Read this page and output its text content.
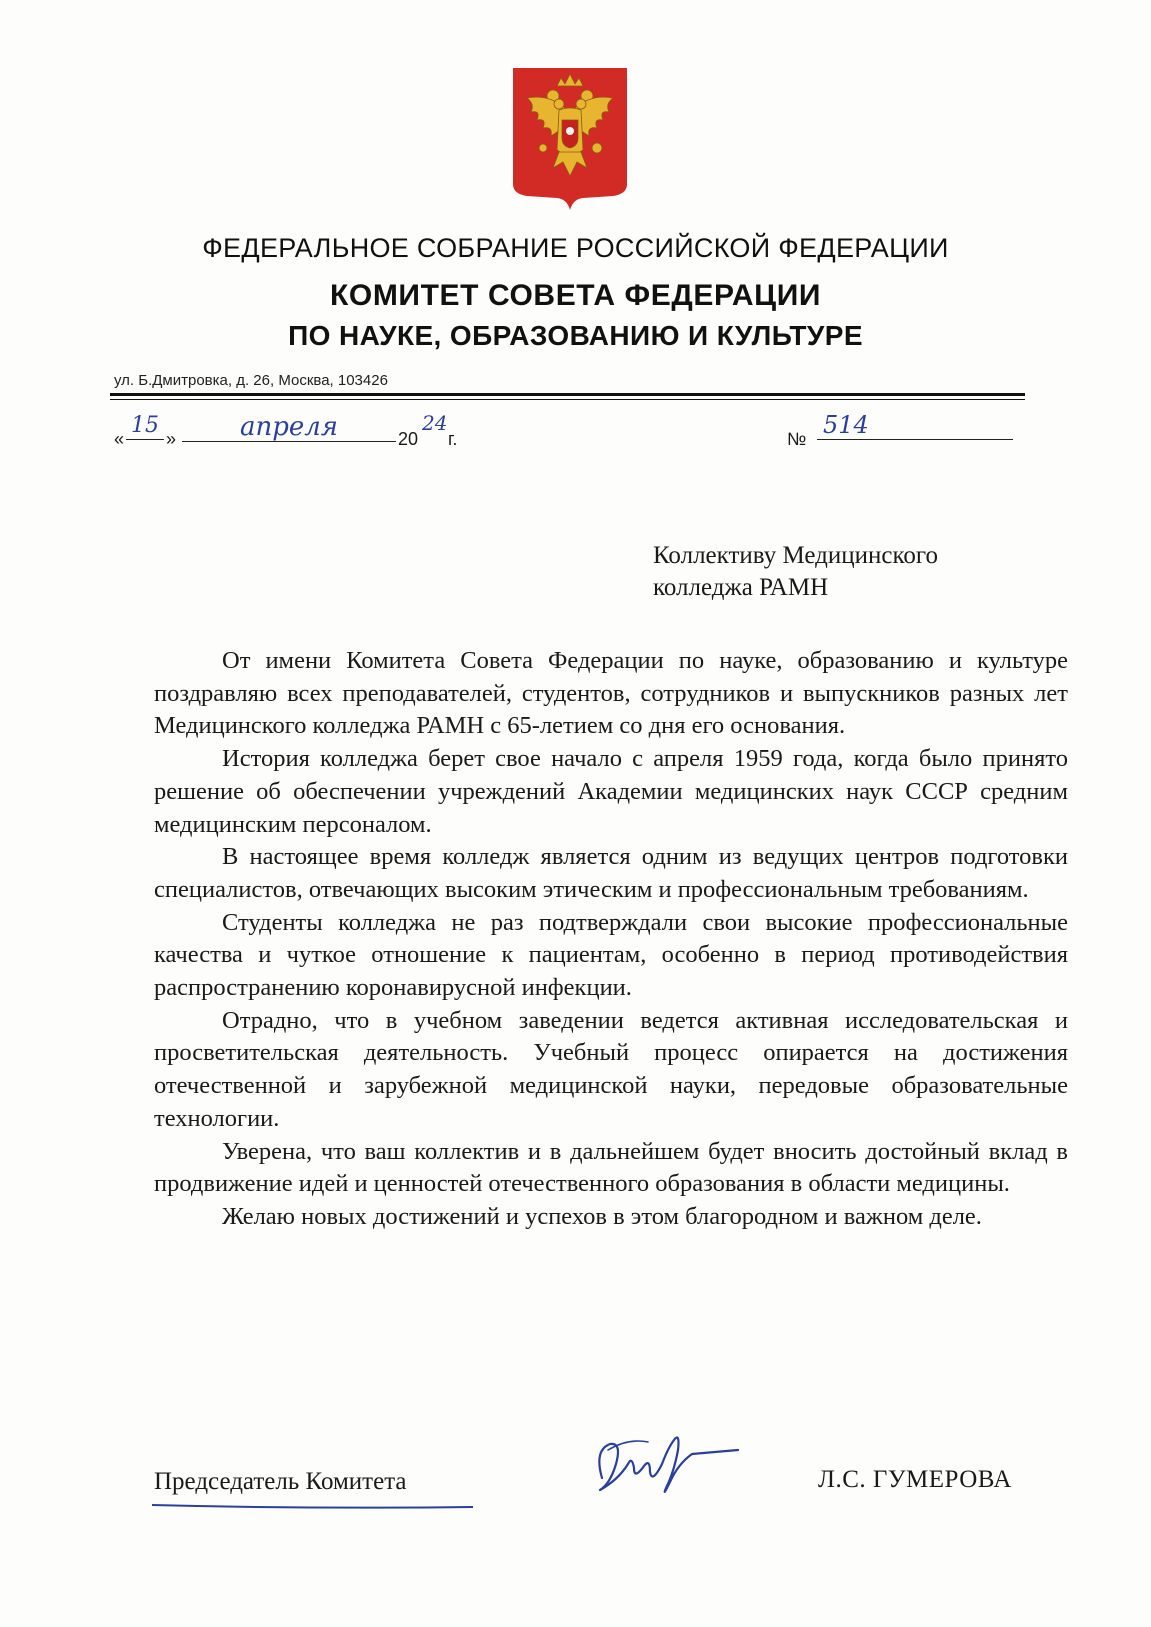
ФЕДЕРАЛЬНОЕ СОБРАНИЕ РОССИЙСКОЙ ФЕДЕРАЦИИ
КОМИТЕТ СОВЕТА ФЕДЕРАЦИИ
ПО НАУКЕ, ОБРАЗОВАНИЮ И КУЛЬТУРЕ
ул. Б.Дмитровка, д. 26, Москва, 103426
«
15
»	апреля	20
24
г.	№ 514
Коллективу Медицинского
колледжа РАМН

От имени Комитета Совета Федерации по науке, образованию и культуре поздравляю всех преподавателей, студентов, сотрудников и выпускников разных лет Медицинского колледжа РАМН с 65-летием со дня его основания.

История колледжа берет свое начало с апреля 1959 года, когда было принято решение об обеспечении учреждений Академии медицинских наук СССР средним медицинским персоналом.

В настоящее время колледж является одним из ведущих центров подготовки специалистов, отвечающих высоким этическим и профессиональным требованиям.

Студенты колледжа не раз подтверждали свои высокие профессиональные качества и чуткое отношение к пациентам, особенно в период противодействия распространению коронавирусной инфекции.

Отрадно, что в учебном заведении ведется активная исследовательская и просветительская деятельность. Учебный процесс опирается на достижения отечественной и зарубежной медицинской науки, передовые образовательные технологии.

Уверена, что ваш коллектив и в дальнейшем будет вносить достойный вклад в продвижение идей и ценностей отечественного образования в области медицины.

Желаю новых достижений и успехов в этом благородном и важном деле.

Председатель Комитета	Л.С. ГУМЕРОВА
